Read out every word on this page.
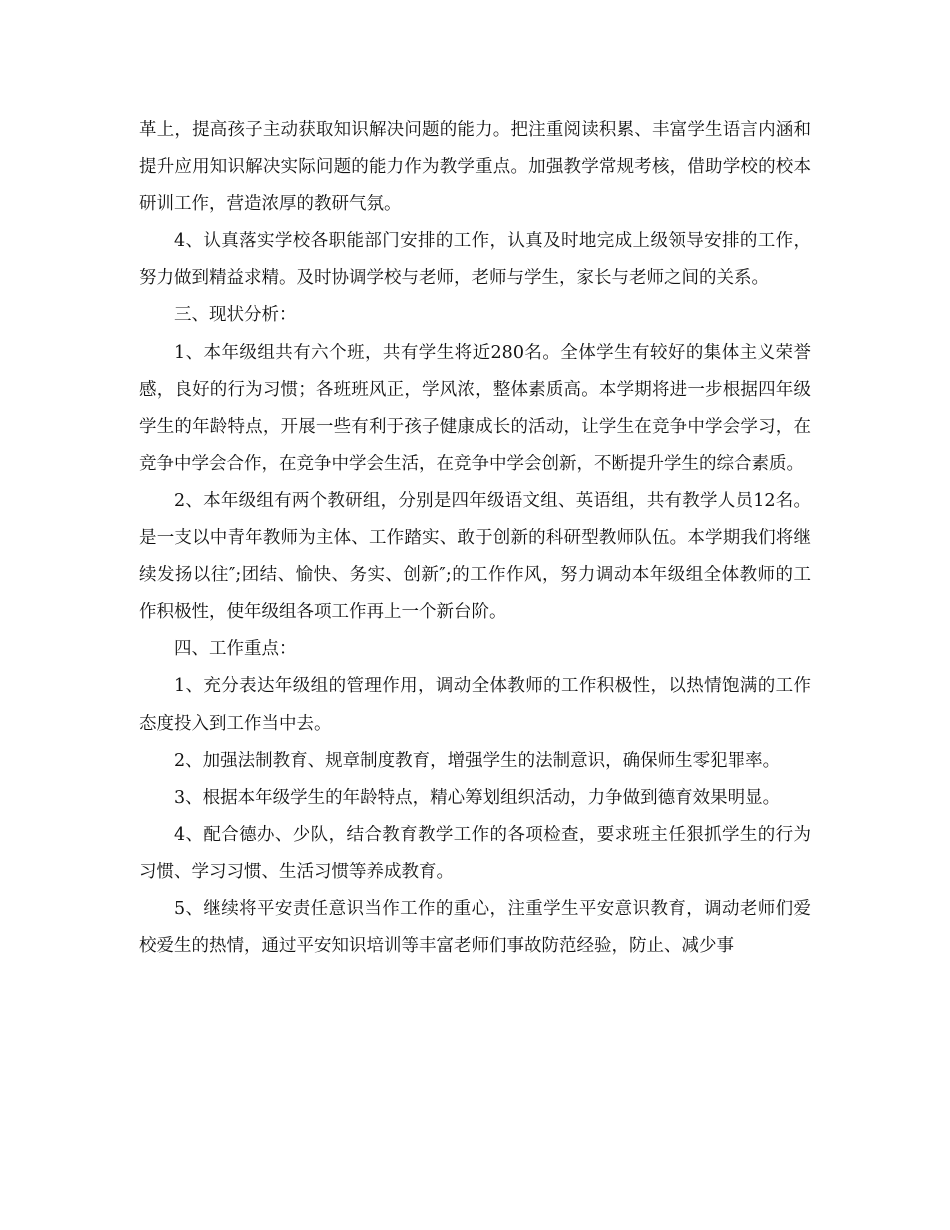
革上，提高孩子主动获取知识解决问题的能力。把注重阅读积累、丰富学生语言内涵和提升应用知识解决实际问题的能力作为教学重点。加强教学常规考核，借助学校的校本研训工作，营造浓厚的教研气氛。

4、认真落实学校各职能部门安排的工作，认真及时地完成上级领导安排的工作，努力做到精益求精。及时协调学校与老师，老师与学生，家长与老师之间的关系。

三、现状分析：

1、本年级组共有六个班，共有学生将近280名。全体学生有较好的集体主义荣誉感，良好的行为习惯；各班班风正，学风浓，整体素质高。本学期将进一步根据四年级学生的年龄特点，开展一些有利于孩子健康成长的活动，让学生在竞争中学会学习，在竞争中学会合作，在竞争中学会生活，在竞争中学会创新，不断提升学生的综合素质。

2、本年级组有两个教研组，分别是四年级语文组、英语组，共有教学人员12名。是一支以中青年教师为主体、工作踏实、敢于创新的科研型教师队伍。本学期我们将继续发扬以往″;团结、愉快、务实、创新″;的工作作风，努力调动本年级组全体教师的工作积极性，使年级组各项工作再上一个新台阶。

四、工作重点：

1、充分表达年级组的管理作用，调动全体教师的工作积极性，以热情饱满的工作态度投入到工作当中去。

2、加强法制教育、规章制度教育，增强学生的法制意识，确保师生零犯罪率。

3、根据本年级学生的年龄特点，精心筹划组织活动，力争做到德育效果明显。

4、配合德办、少队，结合教育教学工作的各项检查，要求班主任狠抓学生的行为习惯、学习习惯、生活习惯等养成教育。

5、继续将平安责任意识当作工作的重心，注重学生平安意识教育，调动老师们爱校爱生的热情，通过平安知识培训等丰富老师们事故防范经验，防止、减少事
